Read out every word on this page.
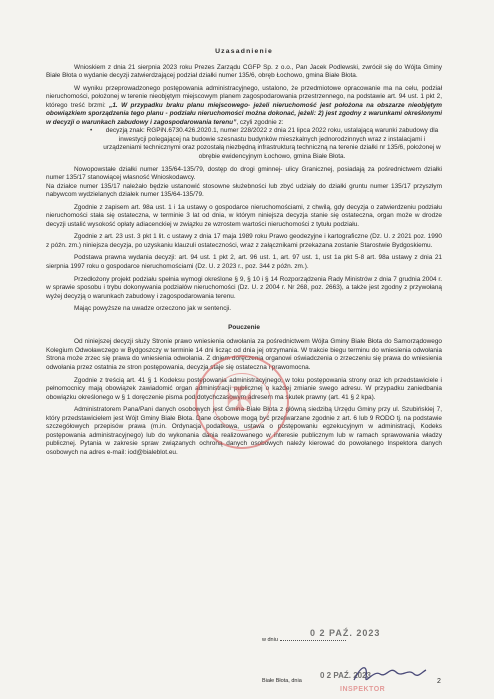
Uzasadnienie

Wnioskiem z dnia 21 sierpnia 2023 roku Prezes Zarządu CGFP Sp. z o.o., Pan Jacek Podlewski, zwrócił się do Wójta Gminy Białe Błota o wydanie decyzji zatwierdzającej podział działki numer 135/6, obręb Łochowo, gmina Białe Błota.

W wyniku przeprowadzonego postępowania administracyjnego, ustalono, że przedmiotowe opracowanie ma na celu, podział nieruchomości, położonej w terenie nieobjętym miejscowym planem zagospodarowania przestrzennego, na podstawie art. 94 ust. 1 pkt 2, którego treść brzmi: „1. W przypadku braku planu miejscowego- jeżeli nieruchomość jest położona na obszarze nieobjętym obowiązkiem sporządzenia tego planu - podziału nieruchomości można dokonać, jeżeli: 2) jest zgodny z warunkami określonymi w decyzji o warunkach zabudowy i zagospodarowania terenu”, czyli zgodnie z:

•	decyzją znak: RGPiN.6730.426.2020.1, numer 228/2022 z dnia 21 lipca 2022 roku, ustalającą warunki zabudowy dla inwestycji polegającej na budowie szesnastu budynków mieszkalnych jednorodzinnych wraz z instalacjami i urządzeniami technicznymi oraz pozostałą niezbędną infrastrukturą techniczną na terenie działki nr 135/6, położonej w obrębie ewidencyjnym Łochowo, gmina Białe Błota.

Nowopowstałe działki numer 135/64-135/79, dostęp do drogi gminnej- ulicy Granicznej, posiadają za pośrednictwem działki numer 135/17 stanowiącej własność Wnioskodawcy.

Na działce numer 135/17 należało będzie ustanowić stosowne służebności lub zbyć udziały do działki gruntu numer 135/17 przyszłym nabywcom wydzielanych działek numer 135/64-135/79.

Zgodnie z zapisem art. 98a ust. 1 i 1a ustawy o gospodarce nieruchomościami, z chwilą, gdy decyzja o zatwierdzeniu podziału nieruchomości stała się ostateczna, w terminie 3 lat od dnia, w którym niniejsza decyzja stanie się ostateczna, organ może w drodze decyzji ustalić wysokość opłaty adiacenckiej w związku ze wzrostem wartości nieruchomości z tytułu podziału.

Zgodnie z art. 23 ust. 3 pkt 1 lit. c ustawy z dnia 17 maja 1989 roku Prawo geodezyjne i kartograficzne (Dz. U. z 2021 poz. 1990 z późn. zm.) niniejsza decyzja, po uzyskaniu klauzuli ostateczności, wraz z załącznikami przekazana zostanie Starostwie Bydgoskiemu.

Podstawa prawna wydania decyzji: art. 94 ust. 1 pkt 2, art. 96 ust. 1, art. 97 ust. 1, ust 1a pkt 5-8 art. 98a ustawy z dnia 21 sierpnia 1997 roku o gospodarce nieruchomościami (Dz. U. z 2023 r., poz. 344 z późn. zm.).

Przedłożony projekt podziału spełnia wymogi określone § 9, § 10 i § 14 Rozporządzenia Rady Ministrów z dnia 7 grudnia 2004 r. w sprawie sposobu i trybu dokonywania podziałów nieruchomości (Dz. U. z 2004 r. Nr 268, poz. 2663), a także jest zgodny z przywołaną wyżej decyzją o warunkach zabudowy i zagospodarowania terenu.

Mając powyższe na uwadze orzeczono jak w sentencji.

Pouczenie

Od niniejszej decyzji służy Stronie prawo wniesienia odwołania za pośrednictwem Wójta Gminy Białe Błota do Samorządowego Kolegium Odwoławczego w Bydgoszczy w terminie 14 dni licząc od dnia jej otrzymania. W trakcie biegu terminu do wniesienia odwołania Strona może zrzec się prawa do wniesienia odwołania. Z dniem doręczenia organowi oświadczenia o zrzeczeniu się prawa do wniesienia odwołania przez ostatnia ze stron postępowania, decyzja staje się ostateczna i prawomocna.

Zgodnie z treścią art. 41 § 1 Kodeksu postępowania administracyjnego, w toku postępowania strony oraz ich przedstawiciele i pełnomocnicy mają obowiązek zawiadomić organ administracji publicznej o każdej zmianie swego adresu. W przypadku zaniedbania obowiązku określonego w § 1 doręczenie pisma pod dotychczasowym adresem ma skutek prawny (art. 41 § 2 kpa).

Administratorem Pana/Pani danych osobowych jest Gmina Białe Błota z główną siedzibą Urzędu Gminy przy ul. Szubińskiej 7, który przedstawicielem jest Wójt Gminy Białe Błota. Dane osobowe mogą być przetwarzane zgodnie z art. 6 lub 9 RODO tj. na podstawie szczegółowych przepisów prawa (m.in. Ordynacja podatkowa, ustawa o postępowaniu egzekucyjnym w administracji, Kodeks postępowania administracyjnego) lub do wykonania dania realizowanego w interesie publicznym lub w ramach sprawowania władzy publicznej. Pytania w zakresie spraw związanych ochroną danych osobowych należy kierować do powołanego Inspektora danych osobowych na adres e-mail: iod@bialeblot.eu.

✠
w dniu
0 2 PAŹ. 2023
Białe Błota, dnia
0 2 PAŹ. 2023
2
INSPEKTOR
